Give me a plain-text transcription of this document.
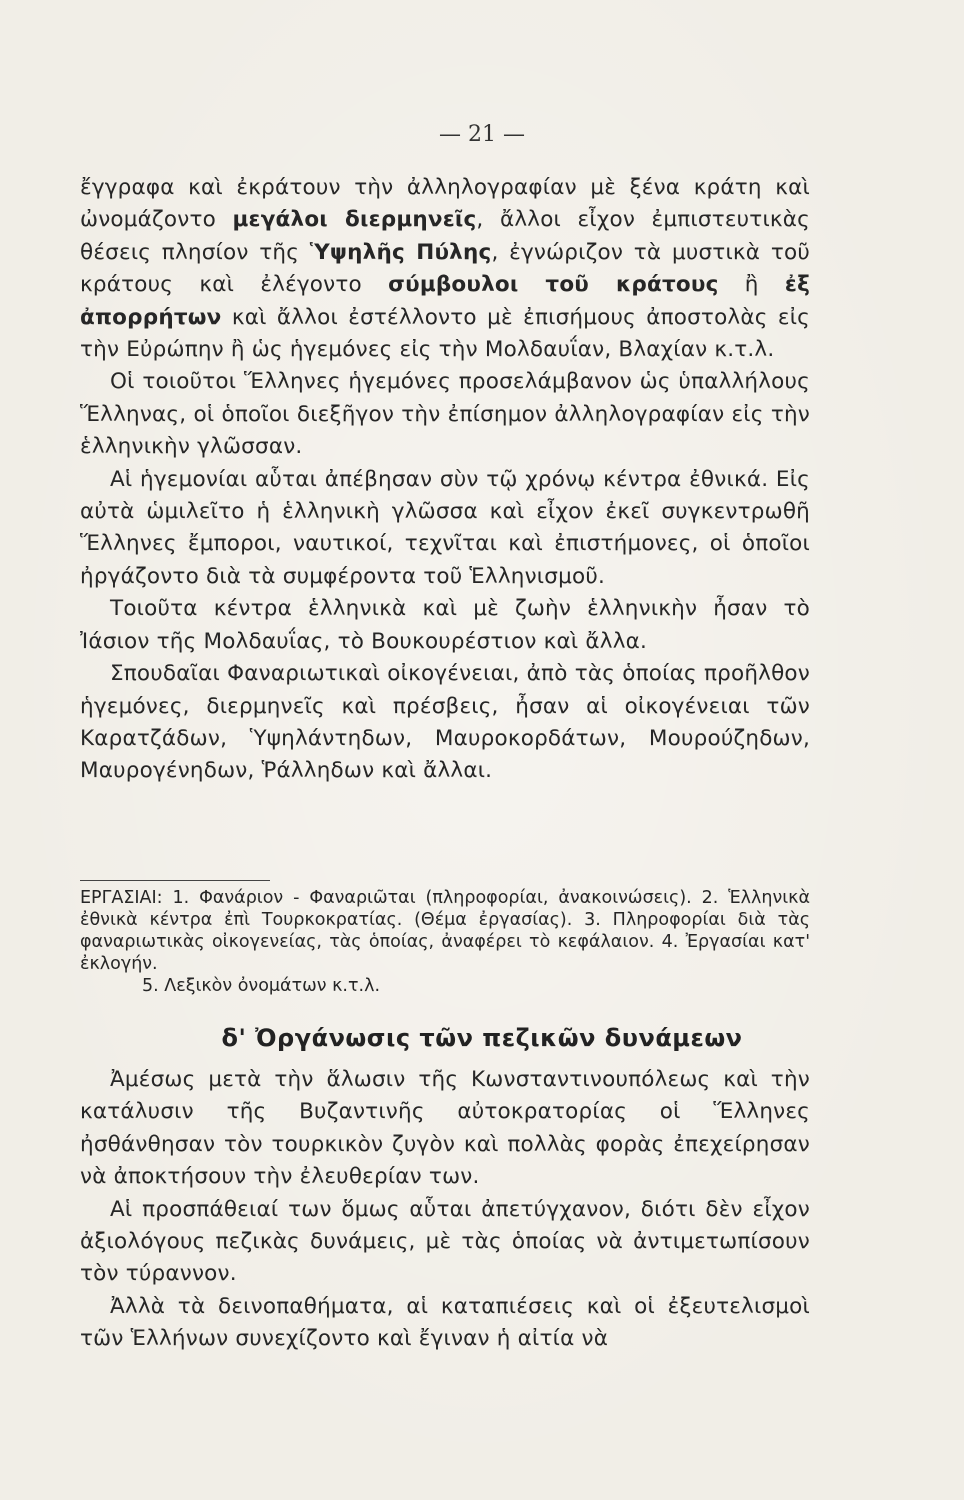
— 21 —

ἔγγραφα καὶ ἐκράτουν τὴν ἀλληλογραφίαν μὲ ξένα κράτη καὶ ὠνομάζοντο μεγάλοι διερμηνεῖς, ἄλλοι εἶχον ἐμπιστευτικὰς θέσεις πλησίον τῆς Ὑψηλῆς Πύλης, ἐγνώριζον τὰ μυστικὰ τοῦ κράτους καὶ ἐλέγοντο σύμβουλοι τοῦ κράτους ἢ ἐξ ἀπορρήτων καὶ ἄλλοι ἐστέλλοντο μὲ ἐπισήμους ἀποστολὰς εἰς τὴν Εὐρώπην ἢ ὡς ἡγεμόνες εἰς τὴν Μολδαυΐαν, Βλαχίαν κ.τ.λ.

Οἱ τοιοῦτοι Ἕλληνες ἡγεμόνες προσελάμβανον ὡς ὑπαλλήλους Ἕλληνας, οἱ ὁποῖοι διεξῆγον τὴν ἐπίσημον ἀλληλογραφίαν εἰς τὴν ἑλληνικὴν γλῶσσαν.

Αἱ ἡγεμονίαι αὗται ἀπέβησαν σὺν τῷ χρόνῳ κέντρα ἐθνικά. Εἰς αὐτὰ ὡμιλεῖτο ἡ ἑλληνικὴ γλῶσσα καὶ εἶχον ἐκεῖ συγκεντρωθῆ Ἕλληνες ἔμποροι, ναυτικοί, τεχνῖται καὶ ἐπιστήμονες, οἱ ὁποῖοι ἠργάζοντο διὰ τὰ συμφέροντα τοῦ Ἑλληνισμοῦ.

Τοιοῦτα κέντρα ἑλληνικὰ καὶ μὲ ζωὴν ἑλληνικὴν ἦσαν τὸ Ἰάσιον τῆς Μολδαυΐας, τὸ Βουκουρέστιον καὶ ἄλλα.

Σπουδαῖαι Φαναριωτικαὶ οἰκογένειαι, ἀπὸ τὰς ὁποίας προῆλθον ἡγεμόνες, διερμηνεῖς καὶ πρέσβεις, ἦσαν αἱ οἰκογένειαι τῶν Καρατζάδων, Ὑψηλάντηδων, Μαυροκορδάτων, Μουρούζηδων, Μαυρογένηδων, Ῥάλληδων καὶ ἄλλαι.

ΕΡΓΑΣΙΑΙ: 1. Φανάριον - Φαναριῶται (πληροφορίαι, ἀνακοινώσεις). 2. Ἑλληνικὰ ἐθνικὰ κέντρα ἐπὶ Τουρκοκρατίας. (Θέμα ἐργασίας). 3. Πληροφορίαι διὰ τὰς φαναριωτικὰς οἰκογενείας, τὰς ὁποίας, ἀναφέρει τὸ κεφάλαιον. 4. Ἐργασίαι κατ' ἐκλογήν.
5. Λεξικὸν ὀνομάτων κ.τ.λ.

δ' Ὀργάνωσις τῶν πεζικῶν δυνάμεων

Ἀμέσως μετὰ τὴν ἅλωσιν τῆς Κωνσταντινουπόλεως καὶ τὴν κατάλυσιν τῆς Βυζαντινῆς αὐτοκρατορίας οἱ Ἕλληνες ἠσθάνθησαν τὸν τουρκικὸν ζυγὸν καὶ πολλὰς φορὰς ἐπεχείρησαν νὰ ἀποκτήσουν τὴν ἐλευθερίαν των.

Αἱ προσπάθειαί των ὅμως αὗται ἀπετύγχανον, διότι δὲν εἶχον ἀξιολόγους πεζικὰς δυνάμεις, μὲ τὰς ὁποίας νὰ ἀντιμετωπίσουν τὸν τύραννον.

Ἀλλὰ τὰ δεινοπαθήματα, αἱ καταπιέσεις καὶ οἱ ἐξευτελισμοὶ τῶν Ἑλλήνων συνεχίζοντο καὶ ἔγιναν ἡ αἰτία νὰ
